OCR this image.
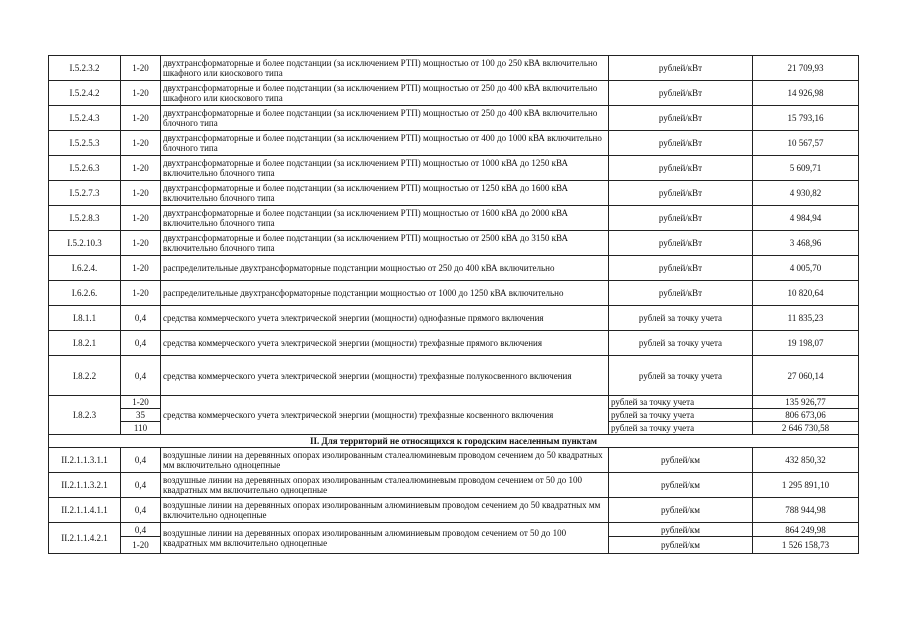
I.5.2.3.2	1-20	двухтрансформаторные и более подстанции (за исключением РТП) мощностью от 100 до 250 кВА включительно шкафного или киоскового типа	рублей/кВт	21 709,93
I.5.2.4.2	1-20	двухтрансформаторные и более подстанции (за исключением РТП) мощностью от 250 до 400 кВА включительно шкафного или киоскового типа	рублей/кВт	14 926,98
I.5.2.4.3	1-20	двухтрансформаторные и более подстанции (за исключением РТП) мощностью от 250 до 400 кВА включительно блочного типа	рублей/кВт	15 793,16
I.5.2.5.3	1-20	двухтрансформаторные и более подстанции (за исключением РТП) мощностью от 400 до 1000 кВА включительно блочного типа	рублей/кВт	10 567,57
I.5.2.6.3	1-20	двухтрансформаторные и более подстанции (за исключением РТП) мощностью от 1000 кВА до 1250 кВА включительно блочного типа	рублей/кВт	5 609,71
I.5.2.7.3	1-20	двухтрансформаторные и более подстанции (за исключением РТП) мощностью от 1250 кВА до 1600 кВА включительно блочного типа	рублей/кВт	4 930,82
I.5.2.8.3	1-20	двухтрансформаторные и более подстанции (за исключением РТП) мощностью от 1600 кВА до 2000 кВА включительно блочного типа	рублей/кВт	4 984,94
I.5.2.10.3	1-20	двухтрансформаторные и более подстанции (за исключением РТП) мощностью от 2500 кВА до 3150 кВА включительно блочного типа	рублей/кВт	3 468,96
I.6.2.4.	1-20	распределительные двухтрансформаторные подстанции мощностью от 250 до 400 кВА включительно	рублей/кВт	4 005,70
I.6.2.6.	1-20	распределительные двухтрансформаторные подстанции мощностью от 1000 до 1250 кВА включительно	рублей/кВт	10 820,64
I.8.1.1	0,4	средства коммерческого учета электрической энергии (мощности) однофазные прямого включения	рублей за точку учета	11 835,23
I.8.2.1	0,4	средства коммерческого учета электрической энергии (мощности) трехфазные прямого включения	рублей за точку учета	19 198,07
I.8.2.2	0,4	средства коммерческого учета электрической энергии (мощности) трехфазные полукосвенного включения	рублей за точку учета	27 060,14
I.8.2.3	1-20	средства коммерческого учета электрической энергии (мощности) трехфазные косвенного включения	рублей за точку учета	135 926,77
	35		рублей за точку учета	806 673,06
	110		рублей за точку учета	2 646 730,58
II. Для территорий не относящихся к городским населенным пунктам				
II.2.1.1.3.1.1	0,4	воздушные линии на деревянных опорах изолированным сталеалюминевым проводом сечением до 50 квадратных мм включительно одноцепные	рублей/км	432 850,32
II.2.1.1.3.2.1	0,4	воздушные линии на деревянных опорах изолированным сталеалюминевым проводом сечением от 50 до 100 квадратных мм включительно одноцепные	рублей/км	1 295 891,10
II.2.1.1.4.1.1	0,4	воздушные линии на деревянных опорах изолированным алюминиевым проводом сечением до 50 квадратных мм включительно одноцепные	рублей/км	788 944,98
II.2.1.1.4.2.1	0,4	воздушные линии на деревянных опорах изолированным алюминиевым проводом сечением от 50 до 100 квадратных мм включительно одноцепные	рублей/км	864 249,98
	1-20		рублей/км	1 526 158,73
